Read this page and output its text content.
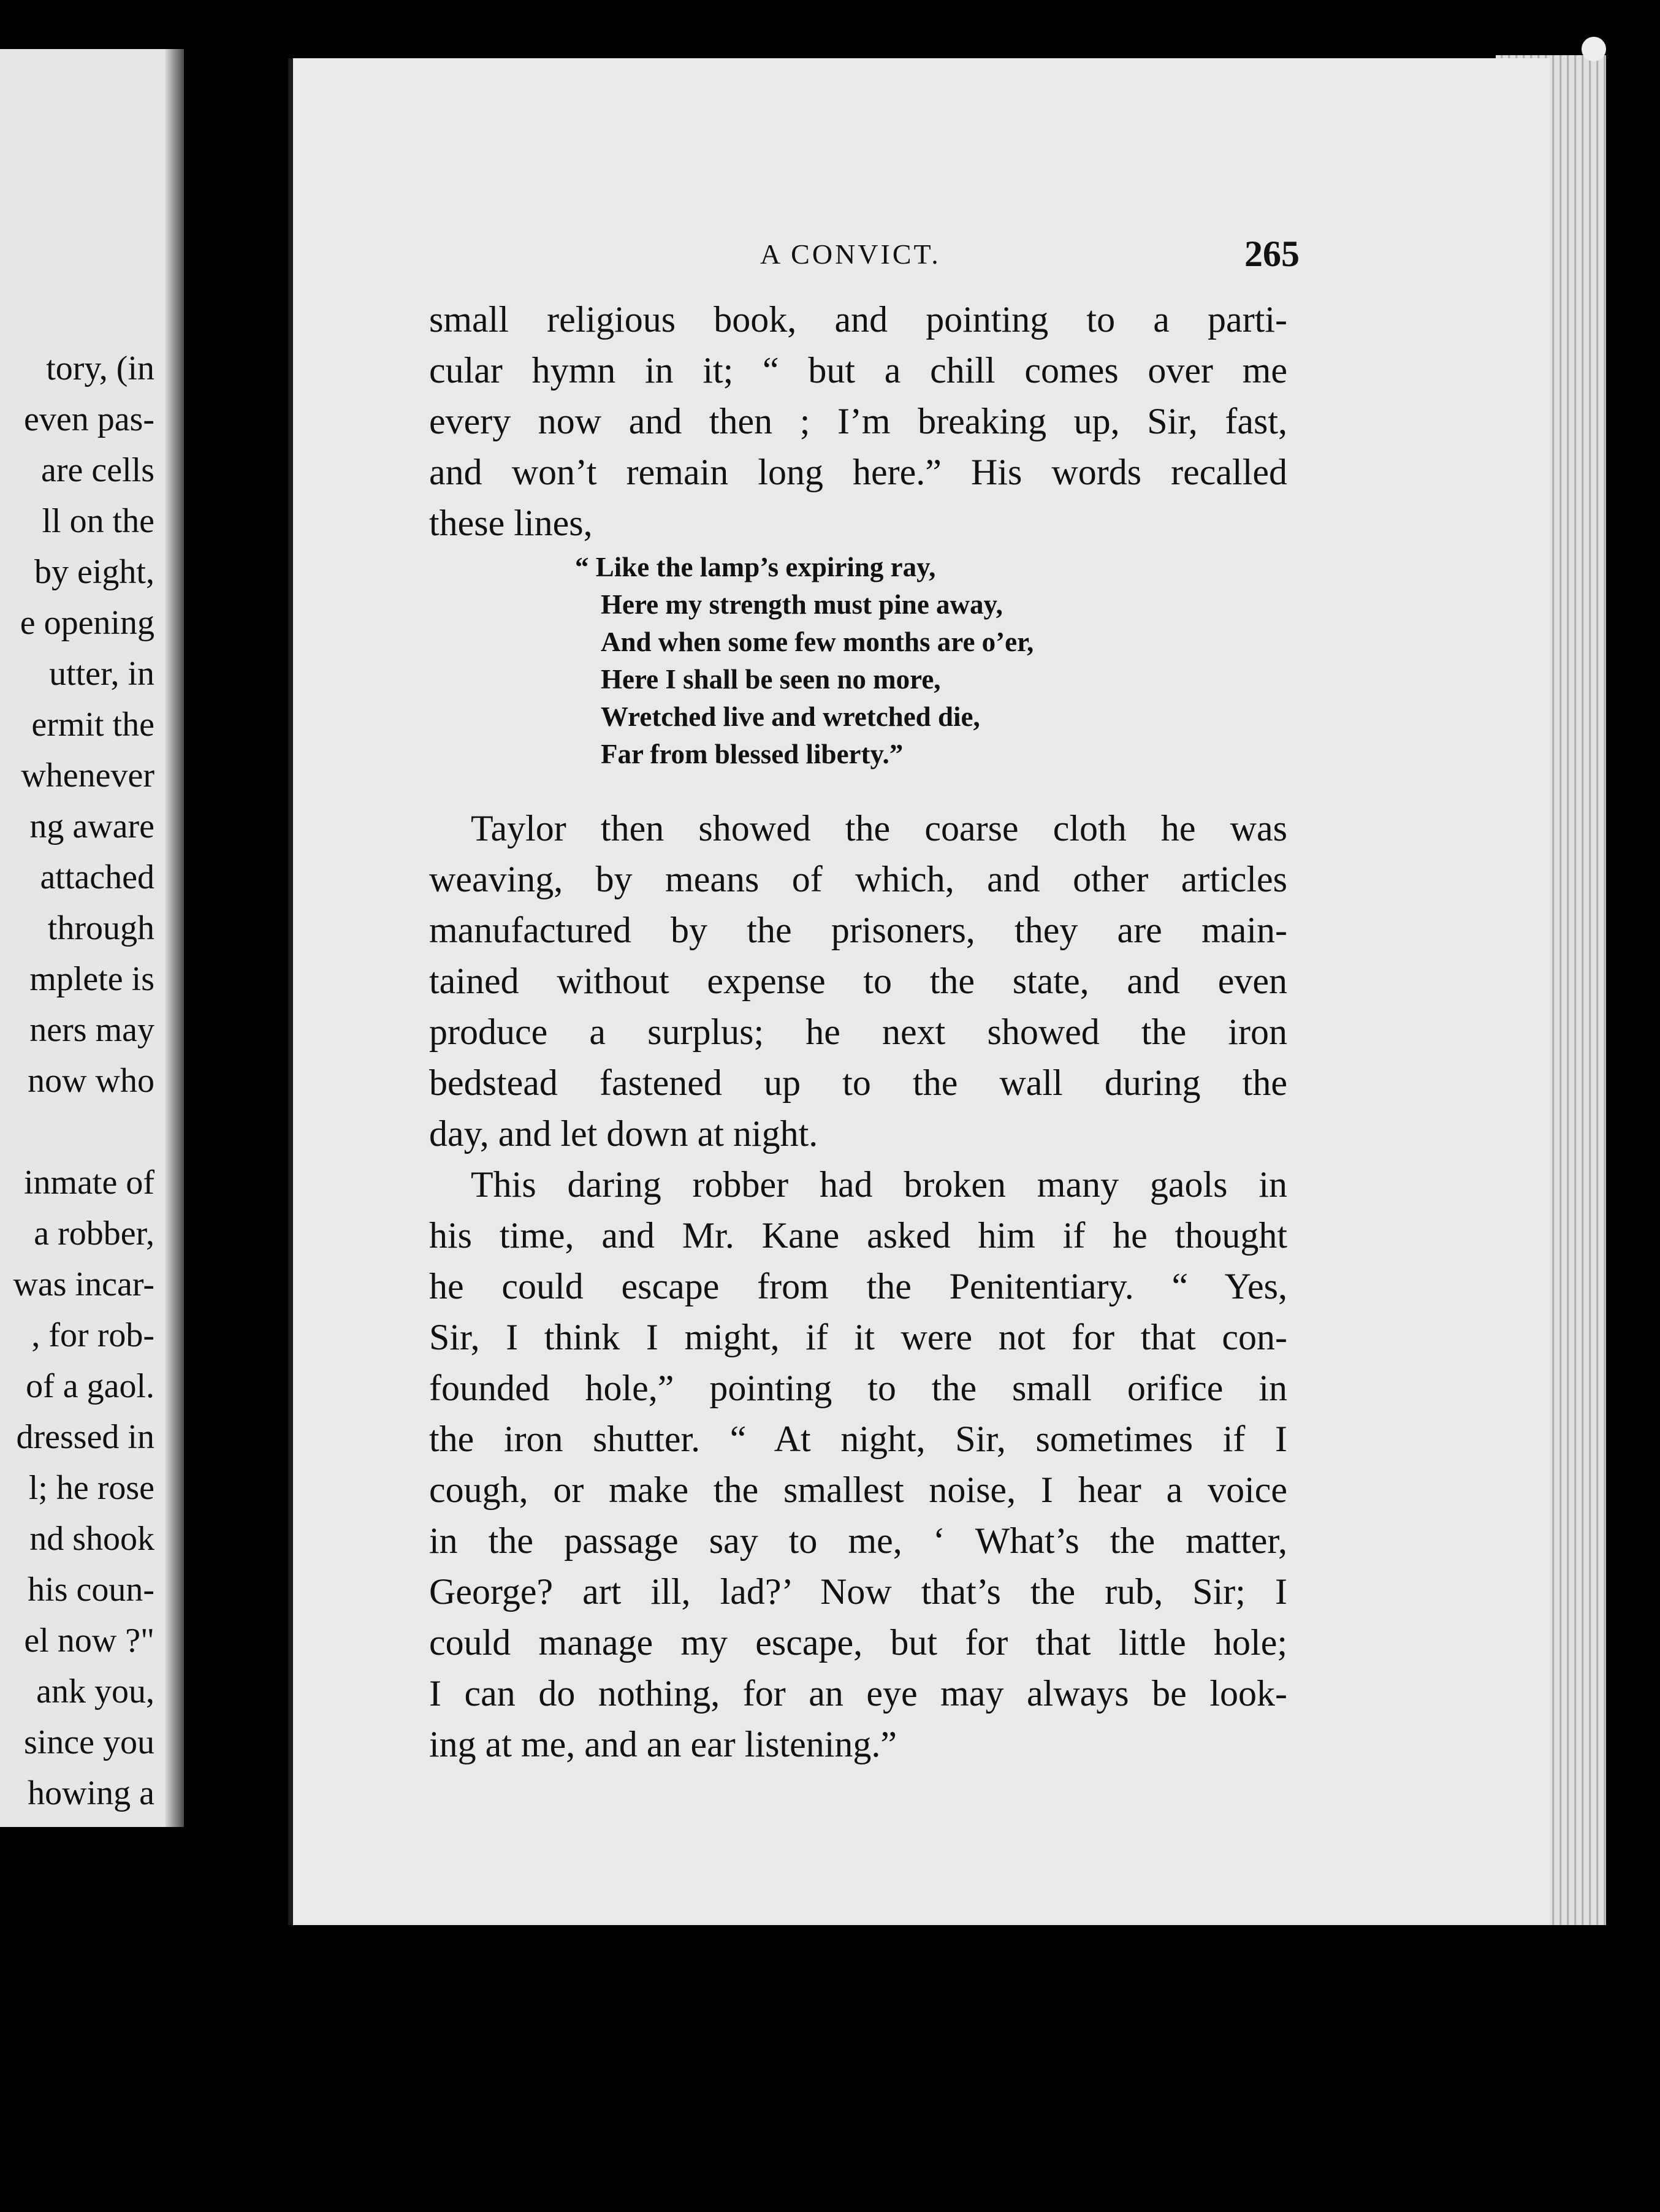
tory, (in
even pas-
are cells
ll on the
by eight,
e opening
utter, in
ermit the
whenever
ng aware
attached
through
mplete is
ners may
now who
inmate of
a robber,
was incar-
, for rob-
of a gaol.
dressed in
l; he rose
nd shook
his coun-
el now ?"
ank you,
since you
howing a
A CONVICT.	265
small religious book, and pointing to a parti-
cular hymn in it; “ but a chill comes over me
every now and then ; I’m breaking up, Sir, fast,
and won’t remain long here.” His words recalled
these lines,
“ Like the lamp’s expiring ray,
Here my strength must pine away,
And when some few months are o’er,
Here I shall be seen no more,
Wretched live and wretched die,
Far from blessed liberty.”
Taylor then showed the coarse cloth he was
weaving, by means of which, and other articles
manufactured by the prisoners, they are main-
tained without expense to the state, and even
produce a surplus; he next showed the iron
bedstead fastened up to the wall during the
day, and let down at night.
This daring robber had broken many gaols in
his time, and Mr. Kane asked him if he thought
he could escape from the Penitentiary. “ Yes,
Sir, I think I might, if it were not for that con-
founded hole,” pointing to the small orifice in
the iron shutter. “ At night, Sir, sometimes if I
cough, or make the smallest noise, I hear a voice
in the passage say to me, ‘ What’s the matter,
George? art ill, lad?’ Now that’s the rub, Sir; I
could manage my escape, but for that little hole;
I can do nothing, for an eye may always be look-
ing at me, and an ear listening.”
